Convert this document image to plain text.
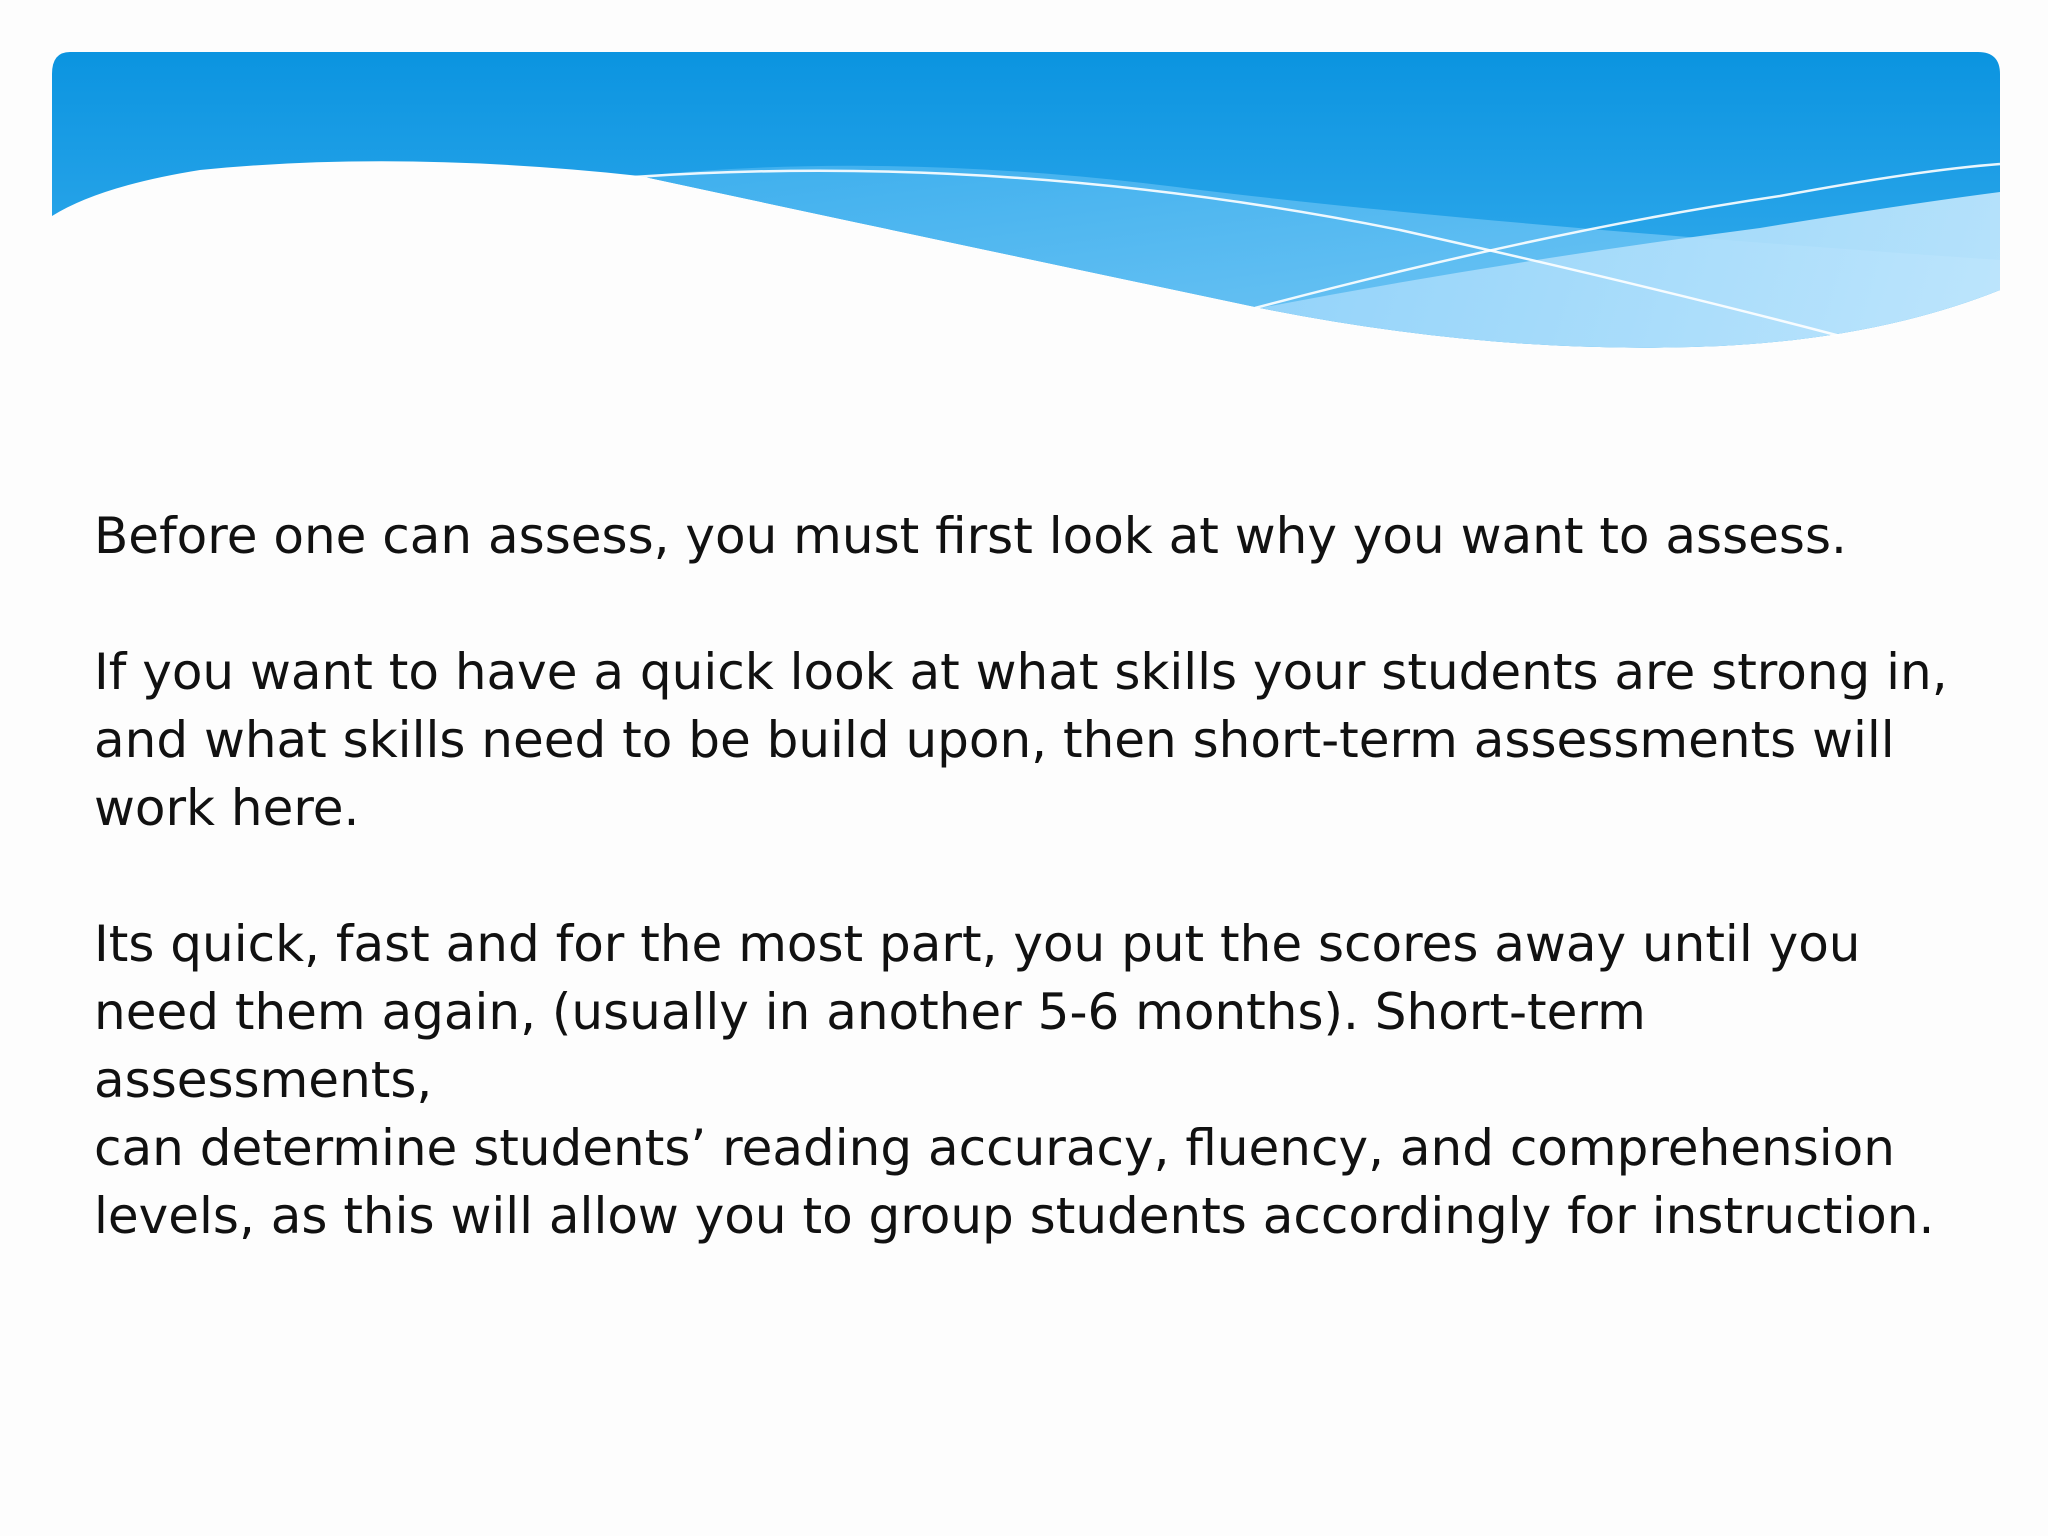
Before one can assess, you must first look at why you want to assess.

If you want to have a quick look at what skills your students are strong in,
and what skills need to be build upon, then short-term assessments will
work here.

Its quick, fast and for the most part, you put the scores away until you
need them again, (usually in another 5-6 months). Short-term assessments,
can determine students’ reading accuracy, fluency, and comprehension
levels, as this will allow you to group students accordingly for instruction.
